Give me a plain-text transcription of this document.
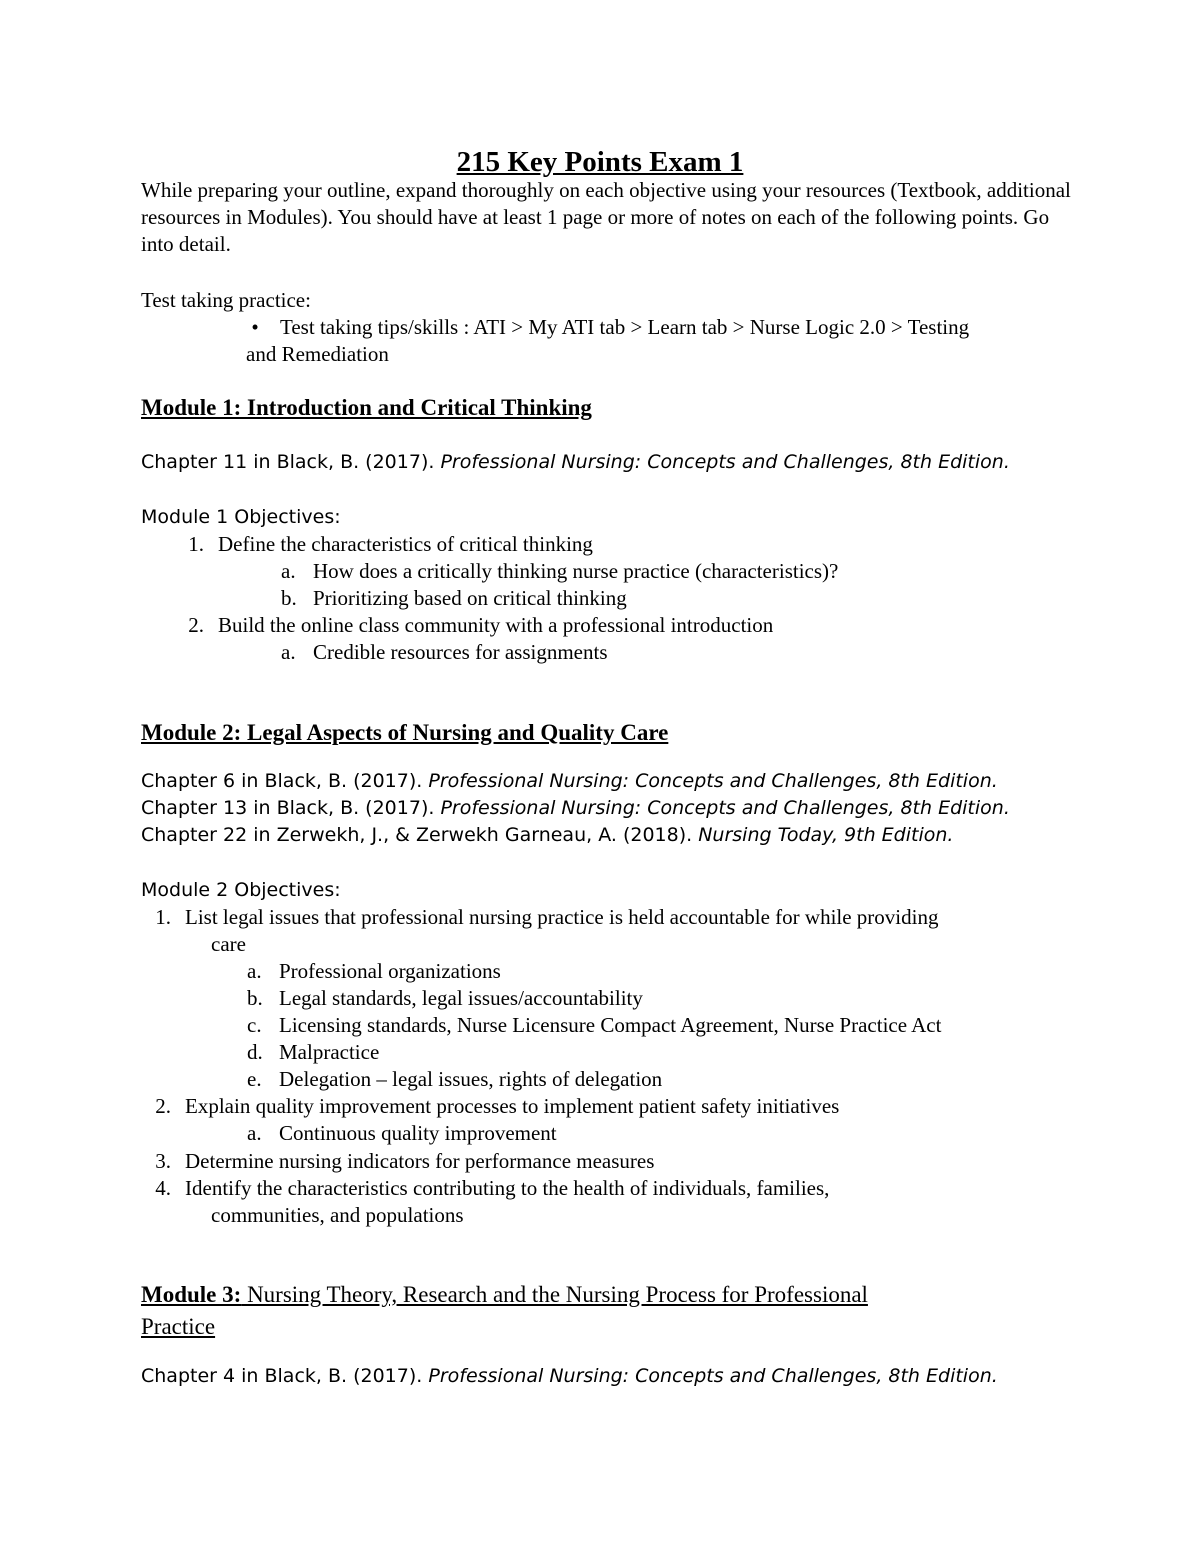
215 Key Points Exam 1
While preparing your outline, expand thoroughly on each objective using your resources (Textbook, additional resources in Modules). You should have at least 1 page or more of notes on each of the following points. Go into detail.
Test taking practice:
• Test taking tips/skills : ATI > My ATI tab > Learn tab > Nurse Logic 2.0 > Testing
and Remediation
Module 1: Introduction and Critical Thinking
Chapter 11 in Black, B. (2017). Professional Nursing: Concepts and Challenges, 8th Edition.
Module 1 Objectives:
1. Define the characteristics of critical thinking
a. How does a critically thinking nurse practice (characteristics)?
b. Prioritizing based on critical thinking
2. Build the online class community with a professional introduction
a. Credible resources for assignments
Module 2: Legal Aspects of Nursing and Quality Care
Chapter 6 in Black, B. (2017). Professional Nursing: Concepts and Challenges, 8th Edition.
Chapter 13 in Black, B. (2017). Professional Nursing: Concepts and Challenges, 8th Edition.
Chapter 22 in Zerwekh, J., & Zerwekh Garneau, A. (2018). Nursing Today, 9th Edition.
Module 2 Objectives:
1. List legal issues that professional nursing practice is held accountable for while providing
care
a. Professional organizations
b. Legal standards, legal issues/accountability
c. Licensing standards, Nurse Licensure Compact Agreement, Nurse Practice Act
d. Malpractice
e. Delegation – legal issues, rights of delegation
2. Explain quality improvement processes to implement patient safety initiatives
a. Continuous quality improvement
3. Determine nursing indicators for performance measures
4. Identify the characteristics contributing to the health of individuals, families,
communities, and populations
Module 3: Nursing Theory, Research and the Nursing Process for Professional
Practice
Chapter 4 in Black, B. (2017). Professional Nursing: Concepts and Challenges, 8th Edition.
